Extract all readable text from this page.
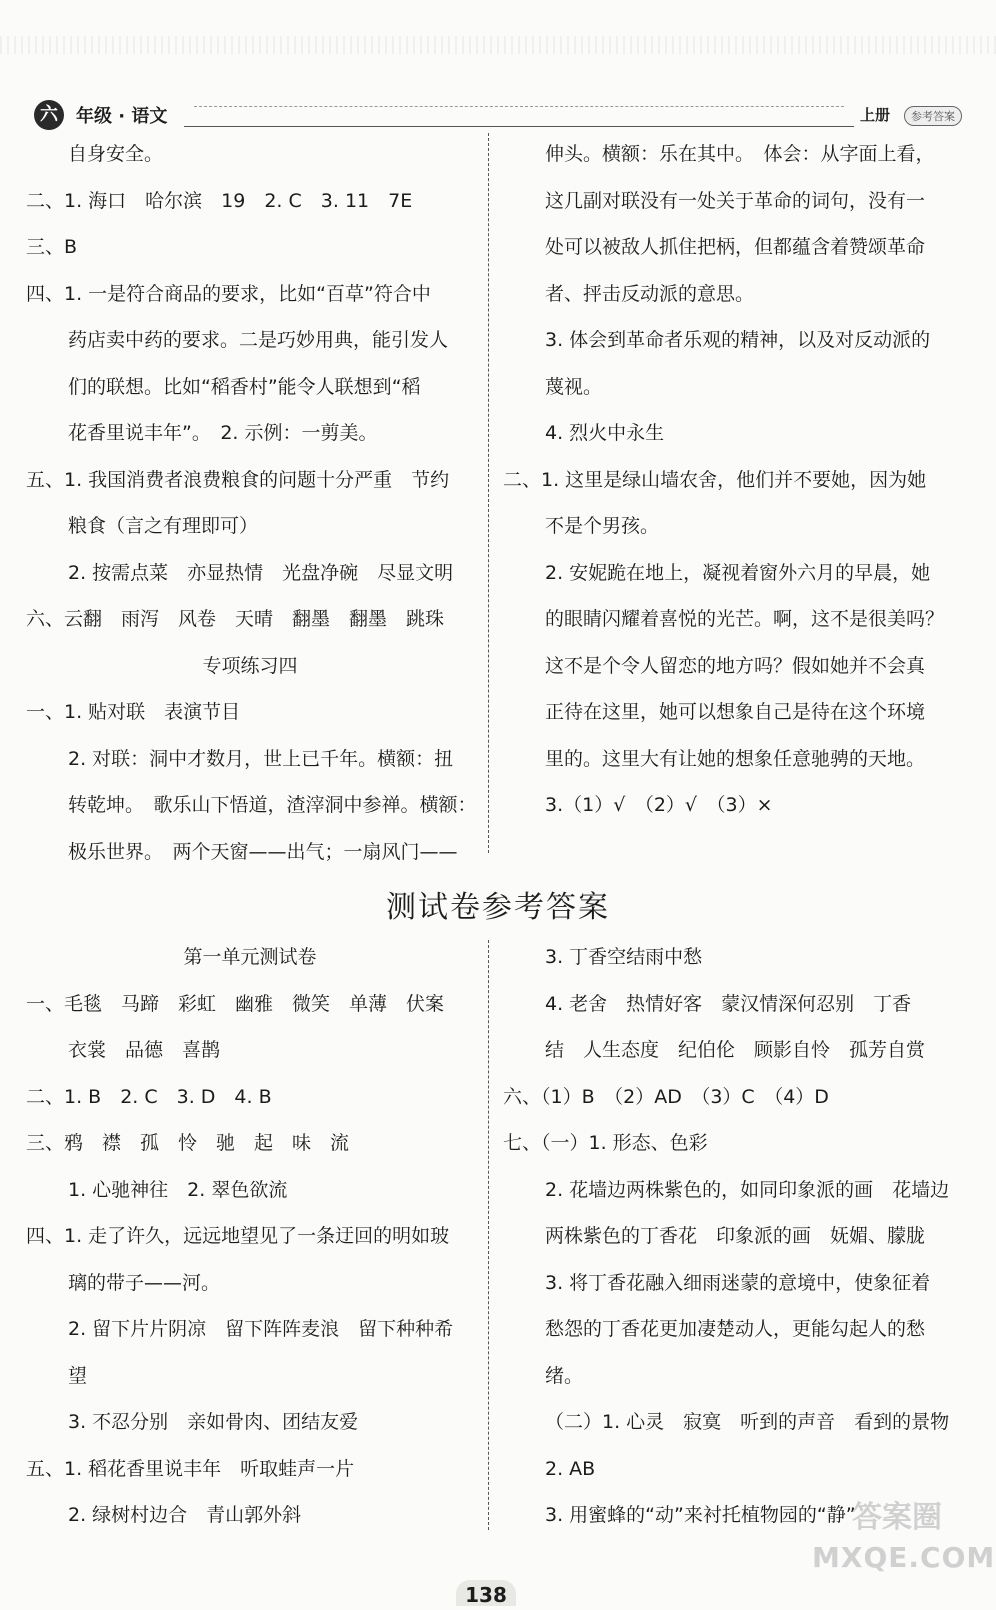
六	年级 · 语文	上册	参考答案

自身安全。

二、1. 海口　哈尔滨　19　2. C　3. 11　7E

三、B

四、1. 一是符合商品的要求，比如“百草”符合中

药店卖中药的要求。二是巧妙用典，能引发人

们的联想。比如“稻香村”能令人联想到“稻

花香里说丰年”。　2. 示例：一剪美。

五、1. 我国消费者浪费粮食的问题十分严重　节约

粮食（言之有理即可）

2. 按需点菜　亦显热情　光盘净碗　尽显文明

六、云翻　雨泻　风卷　天晴　翻墨　翻墨　跳珠

专项练习四

一、1. 贴对联　表演节目

2. 对联：洞中才数月，世上已千年。横额：扭

转乾坤。　歌乐山下悟道，渣滓洞中参禅。横额：

极乐世界。　两个天窗——出气；一扇风门——

伸头。横额：乐在其中。　体会：从字面上看，

这几副对联没有一处关于革命的词句，没有一

处可以被敌人抓住把柄，但都蕴含着赞颂革命

者、抨击反动派的意思。

3. 体会到革命者乐观的精神，以及对反动派的

蔑视。

4. 烈火中永生

二、1. 这里是绿山墙农舍，他们并不要她，因为她

不是个男孩。

2. 安妮跪在地上，凝视着窗外六月的早晨，她

的眼睛闪耀着喜悦的光芒。啊，这不是很美吗？

这不是个令人留恋的地方吗？假如她并不会真

正待在这里，她可以想象自己是待在这个环境

里的。这里大有让她的想象任意驰骋的天地。

3.（1）√　（2）√　（3）×

测试卷参考答案

第一单元测试卷

一、毛毯　马蹄　彩虹　幽雅　微笑　单薄　伏案

衣裳　品德　喜鹊

二、1. B　2. C　3. D　4. B

三、鸦　襟　孤　怜　驰　起　味　流

1. 心驰神往　2. 翠色欲流

四、1. 走了许久，远远地望见了一条迂回的明如玻

璃的带子——河。

2. 留下片片阴凉　留下阵阵麦浪　留下种种希

望

3. 不忍分别　亲如骨肉、团结友爱

五、1. 稻花香里说丰年　听取蛙声一片

2. 绿树村边合　青山郭外斜

3. 丁香空结雨中愁

4. 老舍　热情好客　蒙汉情深何忍别　丁香

结　人生态度　纪伯伦　顾影自怜　孤芳自赏

六、（1）B　（2）AD　（3）C　（4）D

七、（一）1. 形态、色彩

2. 花墙边两株紫色的，如同印象派的画　花墙边

两株紫色的丁香花　印象派的画　妩媚、朦胧

3. 将丁香花融入细雨迷蒙的意境中，使象征着

愁怨的丁香花更加凄楚动人，更能勾起人的愁

绪。

（二）1. 心灵　寂寞　听到的声音　看到的景物

2. AB

3. 用蜜蜂的“动”来衬托植物园的“静”

答案圈
MXQE.COM
138
